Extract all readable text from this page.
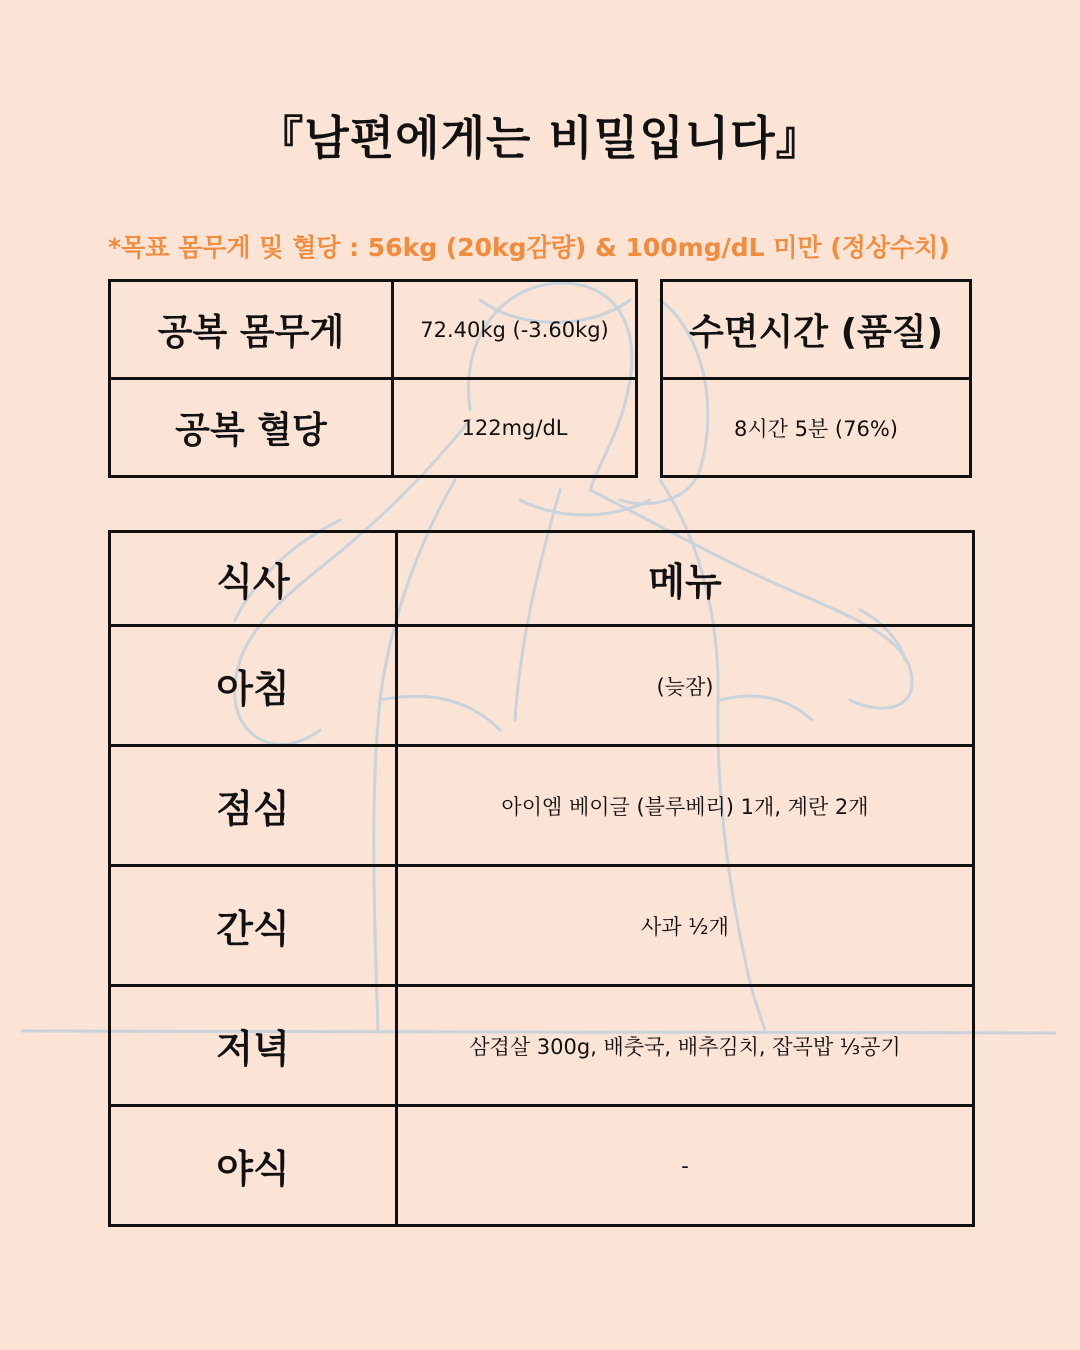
『남편에게는 비밀입니다』
*목표 몸무게 및 혈당 : 56kg (20kg감량) & 100mg/dL 미만 (정상수치)
공복 몸무게	72.40kg (-3.60kg)
공복 혈당	122mg/dL
수면시간 (품질)
8시간 5분 (76%)
식사	메뉴
아침	(늦잠)
점심	아이엠 베이글 (블루베리) 1개, 계란 2개
간식	사과 ½개
저녁	삼겹살 300g, 배춧국, 배추김치, 잡곡밥 ⅓공기
야식	-
